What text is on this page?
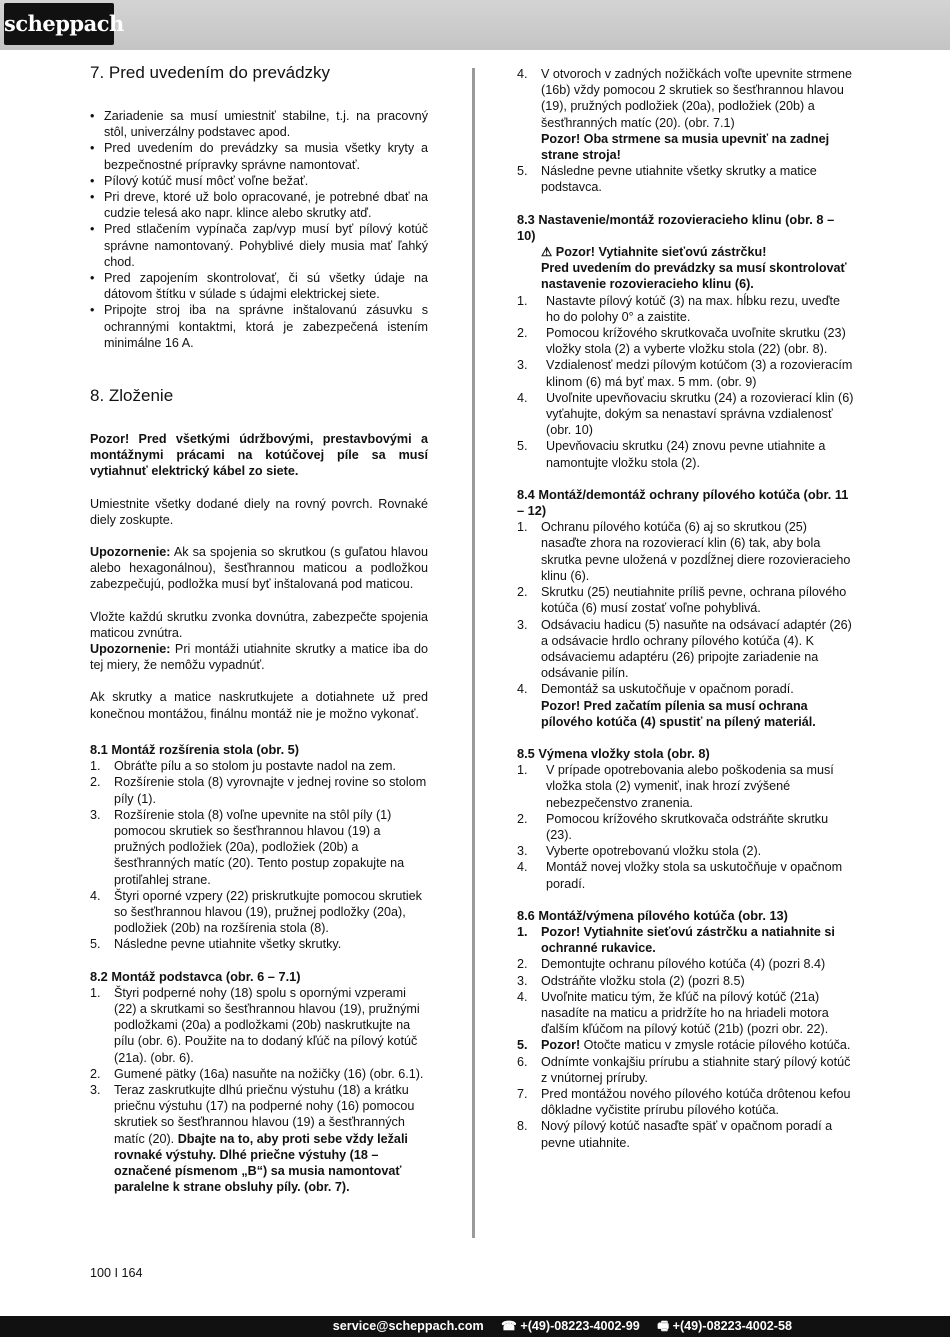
scheppach
7. Pred uvedením do prevádzky
• Zariadenie sa musí umiestniť stabilne, t.j. na pracovný stôl, univerzálny podstavec apod.
• Pred uvedením do prevádzky sa musia všetky kryty a bezpečnostné prípravky správne namontovať.
• Pílový kotúč musí môcť voľne bežať.
• Pri dreve, ktoré už bolo opracované, je potrebné dbať na cudzie telesá ako napr. klince alebo skrutky atď.
• Pred stlačením vypínača zap/vyp musí byť pílový kotúč správne namontovaný. Pohyblivé diely musia mať ľahký chod.
• Pred zapojením skontrolovať, či sú všetky údaje na dátovom štítku v súlade s údajmi elektrickej siete.
• Pripojte stroj iba na správne inštalovanú zásuvku s ochrannými kontaktmi, ktorá je zabezpečená istením minimálne 16 A.
8. Zloženie

Pozor! Pred všetkými údržbovými, prestavbovými a montážnymi prácami na kotúčovej píle sa musí vytiahnuť elektrický kábel zo siete.

Umiestnite všetky dodané diely na rovný povrch. Rovnaké diely zoskupte.

Upozornenie: Ak sa spojenia so skrutkou (s guľatou hlavou alebo hexagonálnou), šesťhrannou maticou a podložkou zabezpečujú, podložka musí byť inštalovaná pod maticou.

Vložte každú skrutku zvonka dovnútra, zabezpečte spojenia maticou zvnútra.

Upozornenie: Pri montáži utiahnite skrutky a matice iba do tej miery, že nemôžu vypadnúť.

Ak skrutky a matice naskrutkujete a dotiahnete už pred konečnou montážou, finálnu montáž nie je možno vykonať.

8.1 Montáž rozšírenia stola (obr. 5)
1.	Obráťte pílu a so stolom ju postavte nadol na zem.
2.	Rozšírenie stola (8) vyrovnajte v jednej rovine so stolom píly (1).
3.	Rozšírenie stola (8) voľne upevnite na stôl píly (1) pomocou skrutiek so šesťhrannou hlavou (19) a pružných podložiek (20a), podložiek (20b) a šesťhranných matíc (20). Tento postup zopakujte na protiľahlej strane.
4.	Štyri oporné vzpery (22) priskrutkujte pomocou skrutiek so šesťhrannou hlavou (19), pružnej podložky (20a), podložiek (20b) na rozšírenia stola (8).
5.	Následne pevne utiahnite všetky skrutky.
8.2 Montáž podstavca (obr. 6 – 7.1)
1.	Štyri podperné nohy (18) spolu s opornými vzperami (22) a skrutkami so šesťhrannou hlavou (19), pružnými podložkami (20a) a podložkami (20b) naskrutkujte na pílu (obr. 6). Použite na to dodaný kľúč na pílový kotúč (21a). (obr. 6).
2.	Gumené pätky (16a) nasuňte na nožičky (16) (obr. 6.1).
3.	Teraz zaskrutkujte dlhú priečnu výstuhu (18) a krátku priečnu výstuhu (17) na podperné nohy (16) pomocou skrutiek so šesťhrannou hlavou (19) a šesťhranných matíc (20). Dbajte na to, aby proti sebe vždy ležali rovnaké výstuhy. Dlhé priečne výstuhy (18 – označené písmenom „B“) sa musia namontovať paralelne k strane obsluhy píly. (obr. 7).
4.	V otvoroch v zadných nožičkách voľte upevnite strmene (16b) vždy pomocou 2 skrutiek so šesťhrannou hlavou (19), pružných podložiek (20a), podložiek (20b) a šesťhranných matíc (20). (obr. 7.1)
Pozor! Oba strmene sa musia upevniť na zadnej strane stroja!
5.	Následne pevne utiahnite všetky skrutky a matice podstavca.
8.3 Nastavenie/montáž rozovieracieho klinu (obr. 8 – 10)

⚠ Pozor! Vytiahnite sieťovú zástrčku!

Pred uvedením do prevádzky sa musí skontrolovať nastavenie rozovieracieho klinu (6).

1.	Nastavte pílový kotúč (3) na max. hĺbku rezu, uveďte ho do polohy 0° a zaistite.
2.	Pomocou krížového skrutkovača uvoľnite skrutku (23) vložky stola (2) a vyberte vložku stola (22) (obr. 8).
3.	Vzdialenosť medzi pílovým kotúčom (3) a rozovieracím klinom (6) má byť max. 5 mm. (obr. 9)
4.	Uvoľnite upevňovaciu skrutku (24) a rozovierací klin (6) vyťahujte, dokým sa nenastaví správna vzdialenosť (obr. 10)
5.	Upevňovaciu skrutku (24) znovu pevne utiahnite a namontujte vložku stola (2).
8.4 Montáž/demontáž ochrany pílového kotúča (obr. 11 – 12)
1.	Ochranu pílového kotúča (6) aj so skrutkou (25) nasaďte zhora na rozovierací klin (6) tak, aby bola skrutka pevne uložená v pozdĺžnej diere rozovieracieho klinu (6).
2.	Skrutku (25) neutiahnite príliš pevne, ochrana pílového kotúča (6) musí zostať voľne pohyblivá.
3.	Odsávaciu hadicu (5) nasuňte na odsávací adaptér (26) a odsávacie hrdlo ochrany pílového kotúča (4). K odsávaciemu adaptéru (26) pripojte zariadenie na odsávanie pilín.
4.	Demontáž sa uskutočňuje v opačnom poradí.
Pozor! Pred začatím pílenia sa musí ochrana pílového kotúča (4) spustiť na pílený materiál.
8.5 Výmena vložky stola (obr. 8)
1.	V prípade opotrebovania alebo poškodenia sa musí vložka stola (2) vymeniť, inak hrozí zvýšené nebezpečenstvo zranenia.
2.	Pomocou krížového skrutkovača odstráňte skrutku (23).
3.	Vyberte opotrebovanú vložku stola (2).
4.	Montáž novej vložky stola sa uskutočňuje v opačnom poradí.
8.6 Montáž/výmena pílového kotúča (obr. 13)
1.	Pozor! Vytiahnite sieťovú zástrčku a natiahnite si ochranné rukavice.
2.	Demontujte ochranu pílového kotúča (4) (pozri 8.4)
3.	Odstráňte vložku stola (2) (pozri 8.5)
4.	Uvoľnite maticu tým, že kľúč na pílový kotúč (21a) nasadíte na maticu a pridržíte ho na hriadeli motora ďalším kľúčom na pílový kotúč (21b) (pozri obr. 22).
5.	Pozor! Otočte maticu v zmysle rotácie pílového kotúča.
6.	Odnímte vonkajšiu prírubu a stiahnite starý pílový kotúč z vnútornej príruby.
7.	Pred montážou nového pílového kotúča drôtenou kefou dôkladne vyčistite prírubu pílového kotúča.
8.	Nový pílový kotúč nasaďte späť v opačnom poradí a pevne utiahnite.
100 I 164
service@scheppach.com ☎ +(49)-08223-4002-99 🖷 +(49)-08223-4002-58
